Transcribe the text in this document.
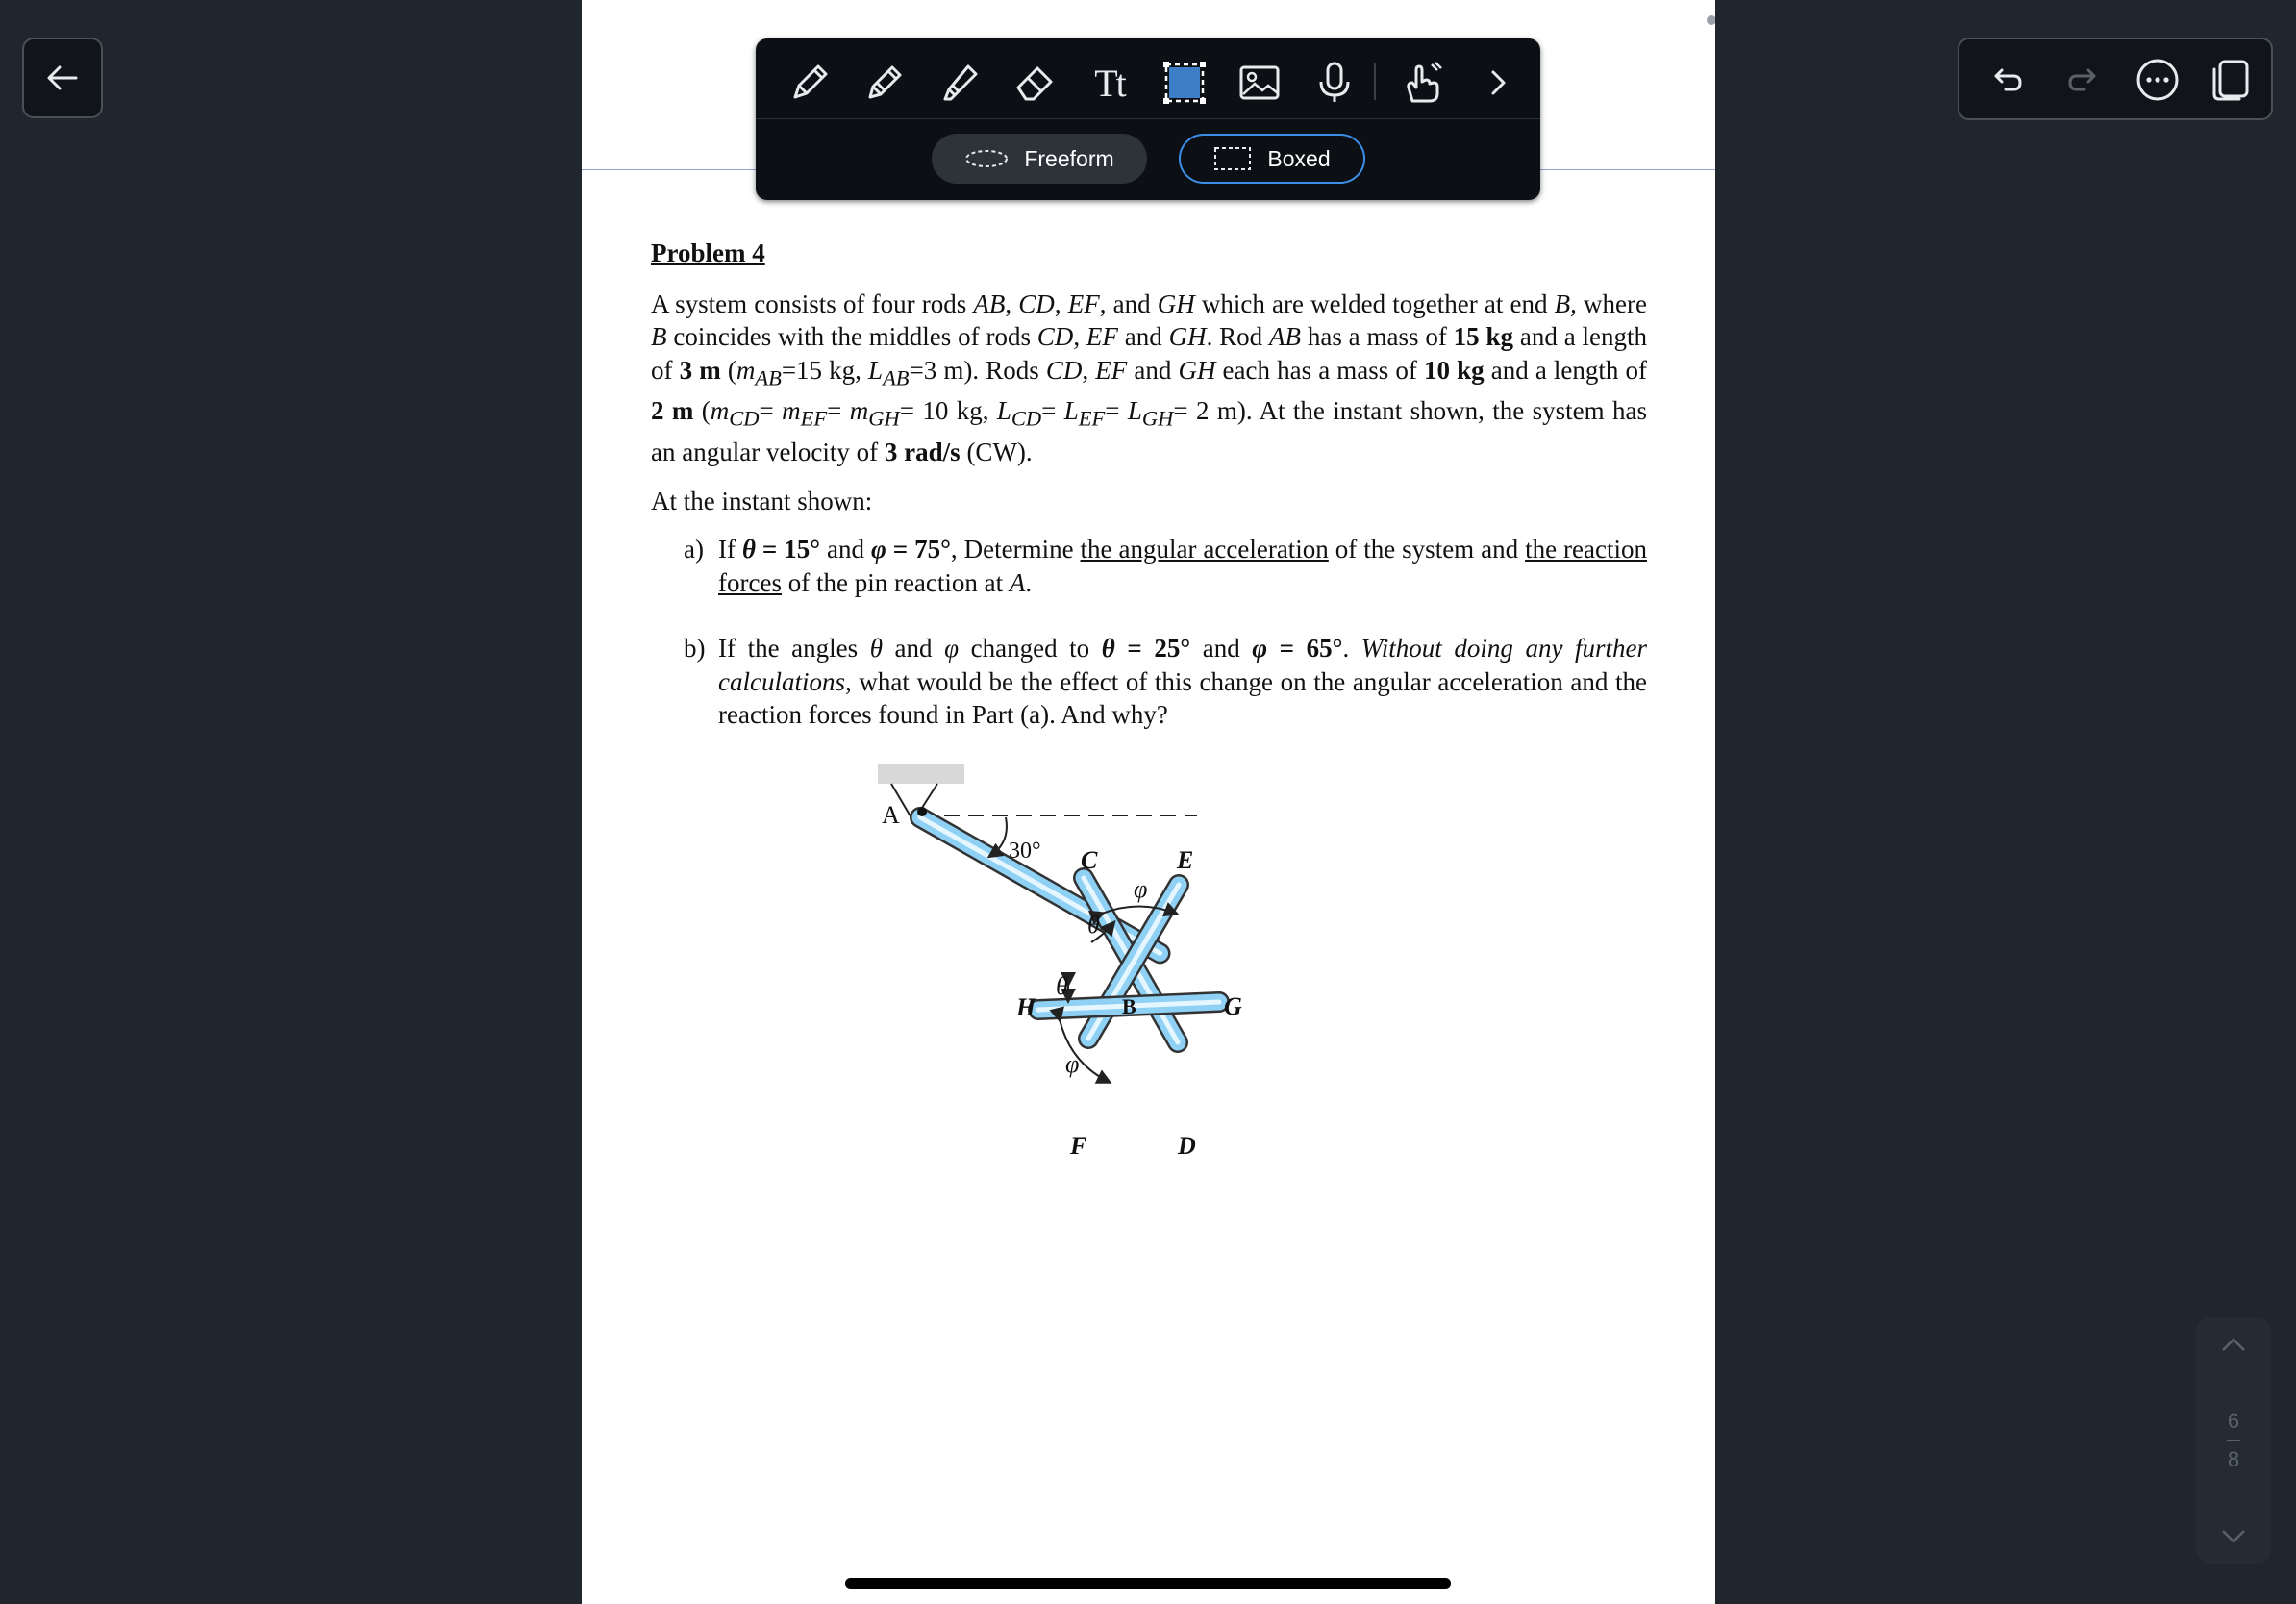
Problem 4

A system consists of four rods AB, CD, EF, and GH which are welded together at end B, where B coincides with the middles of rods CD, EF and GH. Rod AB has a mass of 15 kg and a length of 3 m ($m_{AB}=15$ kg, $L_{AB}=3$ m). Rods CD, EF and GH each has a mass of 10 kg and a length of 2 m ($m_{CD}= m_{EF}= m_{GH}= 10$ kg, $L_{CD}= L_{EF}= L_{GH}= 2$ m). At the instant shown, the system has an angular velocity of 3 rad/s (CW).

At the instant shown:

a) If θ = 15° and φ = 75°, Determine the angular acceleration of the system and the reaction forces of the pin reaction at A.
b) If the angles θ and φ changed to θ = 25° and φ = 65°. Without doing any further calculations, what would be the effect of this change on the angular acceleration and the reaction forces found in Part (a). And why?
A
30° C	E
φ
θ
θ
H	B	G
φ
F	D
Tt
Freeform	Boxed
6
8
